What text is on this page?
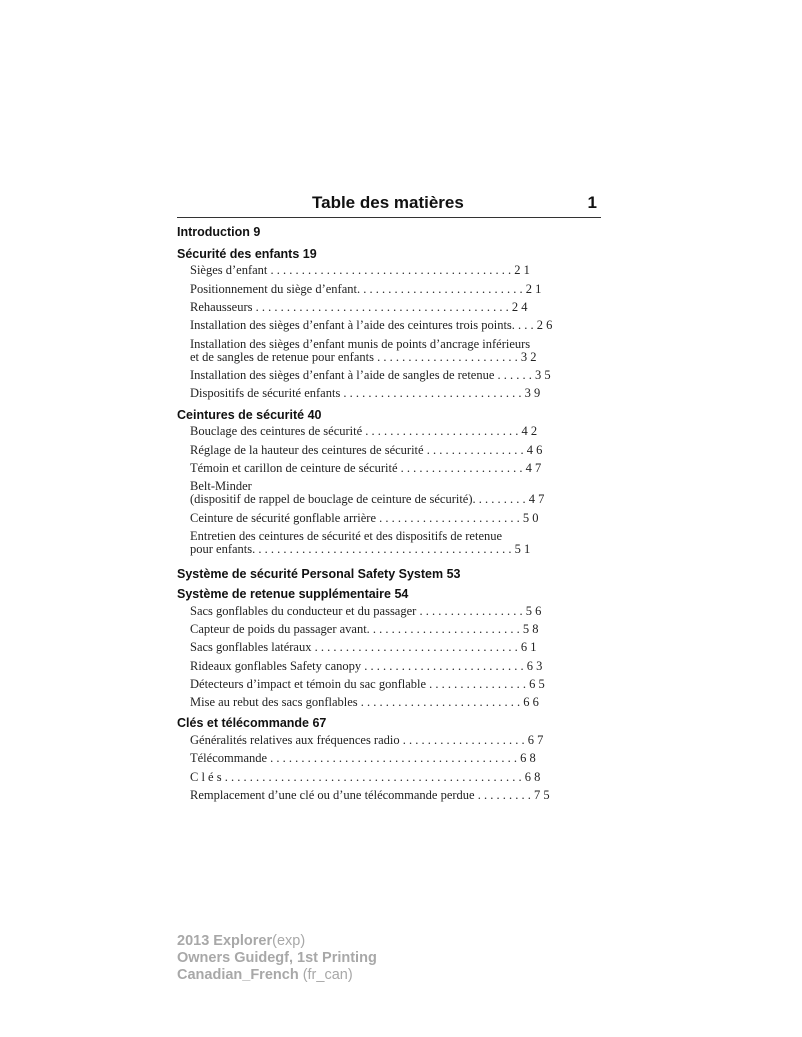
Table des matières	1
Introduction 9
Sécurité des enfants 19
Sièges d’enfant . . . . . . . . . . . . . . . . . . . . . . . . . . . . . . . . . . . . . . . 2 1
Positionnement du siège d’enfant. . . . . . . . . . . . . . . . . . . . . . . . . . . 2 1
Rehausseurs . . . . . . . . . . . . . . . . . . . . . . . . . . . . . . . . . . . . . . . . . 2 4
Installation des sièges d’enfant à l’aide des ceintures trois points. . . . 2 6
Installation des sièges d’enfant munis de points d’ancrage inférieurs
et de sangles de retenue pour enfants . . . . . . . . . . . . . . . . . . . . . . . 3 2
Installation des sièges d’enfant à l’aide de sangles de retenue . . . . . . 3 5
Dispositifs de sécurité enfants . . . . . . . . . . . . . . . . . . . . . . . . . . . . . 3 9
Ceintures de sécurité 40
Bouclage des ceintures de sécurité . . . . . . . . . . . . . . . . . . . . . . . . . 4 2
Réglage de la hauteur des ceintures de sécurité . . . . . . . . . . . . . . . . 4 6
Témoin et carillon de ceinture de sécurité . . . . . . . . . . . . . . . . . . . . 4 7
Belt-Minder
(dispositif de rappel de bouclage de ceinture de sécurité). . . . . . . . . 4 7
Ceinture de sécurité gonflable arrière . . . . . . . . . . . . . . . . . . . . . . . 5 0
Entretien des ceintures de sécurité et des dispositifs de retenue
pour enfants. . . . . . . . . . . . . . . . . . . . . . . . . . . . . . . . . . . . . . . . . . 5 1
Système de sécurité Personal Safety System 53
Système de retenue supplémentaire 54
Sacs gonflables du conducteur et du passager . . . . . . . . . . . . . . . . . 5 6
Capteur de poids du passager avant. . . . . . . . . . . . . . . . . . . . . . . . . 5 8
Sacs gonflables latéraux . . . . . . . . . . . . . . . . . . . . . . . . . . . . . . . . . 6 1
Rideaux gonflables Safety canopy . . . . . . . . . . . . . . . . . . . . . . . . . . 6 3
Détecteurs d’impact et témoin du sac gonflable . . . . . . . . . . . . . . . . 6 5
Mise au rebut des sacs gonflables . . . . . . . . . . . . . . . . . . . . . . . . . . 6 6
Clés et télécommande 67
Généralités relatives aux fréquences radio . . . . . . . . . . . . . . . . . . . . 6 7
Télécommande . . . . . . . . . . . . . . . . . . . . . . . . . . . . . . . . . . . . . . . . 6 8
C l é s . . . . . . . . . . . . . . . . . . . . . . . . . . . . . . . . . . . . . . . . . . . . . . . . 6 8
Remplacement d’une clé ou d’une télécommande perdue . . . . . . . . . 7 5
2013 Explorer(exp)
Owners Guidegf, 1st Printing
Canadian_French (fr_can)
